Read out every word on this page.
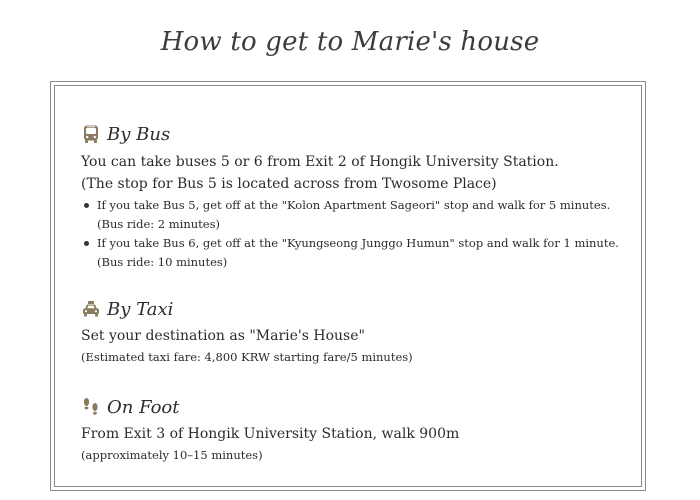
How to get to Marie's house
By Bus
You can take buses 5 or 6 from Exit 2 of Hongik University Station.
(The stop for Bus 5 is located across from Twosome Place)
If you take Bus 5, get off at the "Kolon Apartment Sageori" stop and walk for 5 minutes.
(Bus ride: 2 minutes)
If you take Bus 6, get off at the "Kyungseong Junggo Humun" stop and walk for 1 minute.
(Bus ride: 10 minutes)
By Taxi
Set your destination as "Marie's House"
(Estimated taxi fare: 4,800 KRW starting fare/5 minutes)
On Foot
From Exit 3 of Hongik University Station, walk 900m
(approximately 10–15 minutes)
